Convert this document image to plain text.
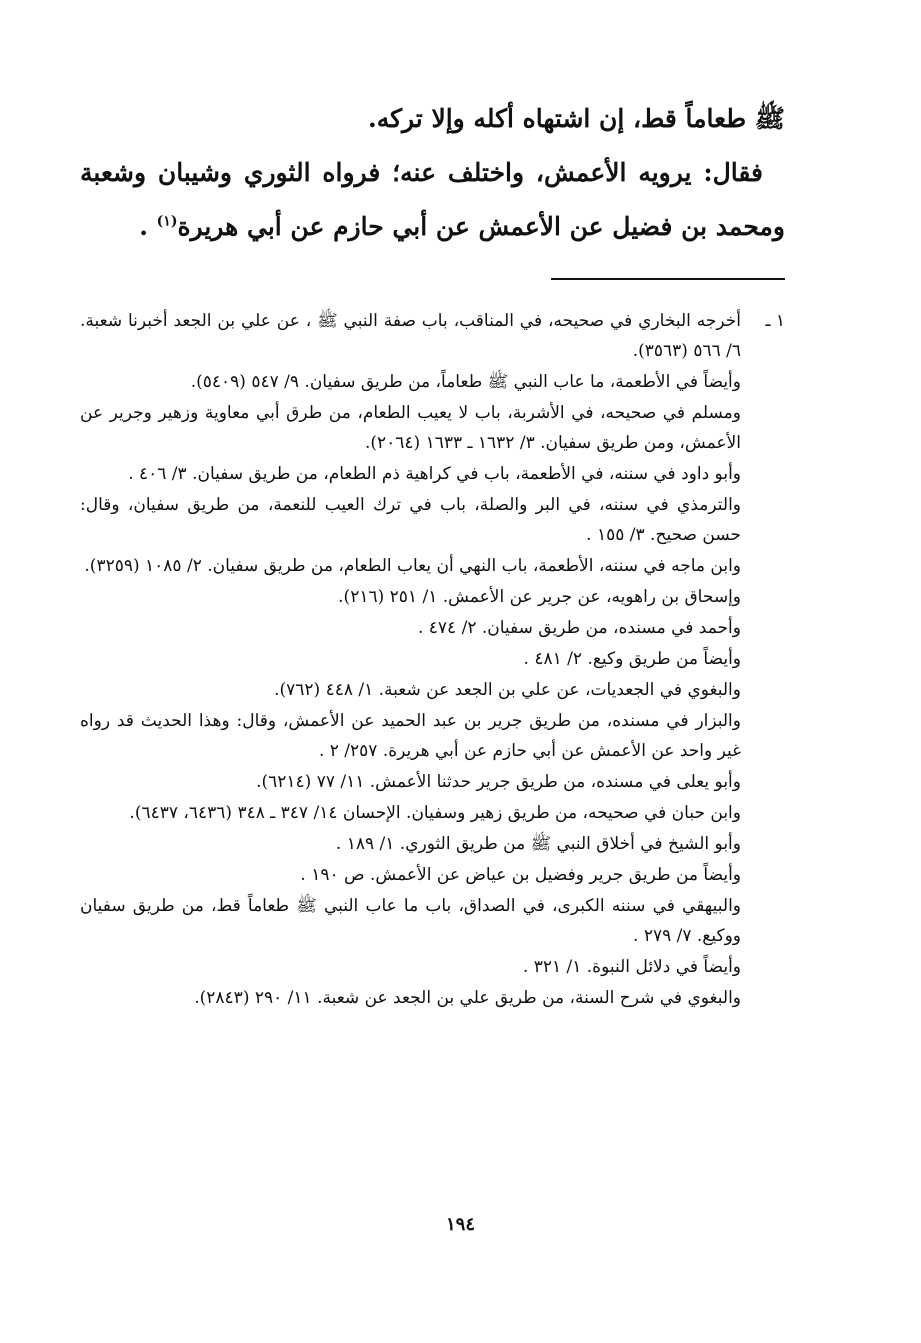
ﷺ طعاماً قط، إن اشتهاه أكله وإلا تركه.

فقال: يرويه الأعمش، واختلف عنه؛ فرواه الثوري وشيبان وشعبة ومحمد بن فضيل عن الأعمش عن أبي حازم عن أبي هريرة$^{(١)}$ .

١ ـ

أخرجه البخاري في صحيحه، في المناقب، باب صفة النبي ﷺ ، عن علي بن الجعد أخبرنا شعبة. ٦/ ٥٦٦ (٣٥٦٣).

وأيضاً في الأطعمة، ما عاب النبي ﷺ طعاماً، من طريق سفيان. ٩/ ٥٤٧ (٥٤٠٩).

ومسلم في صحيحه، في الأشربة، باب لا يعيب الطعام، من طرق أبي معاوية وزهير وجرير عن الأعمش، ومن طريق سفيان. ٣/ ١٦٣٢ ـ ١٦٣٣ (٢٠٦٤).

وأبو داود في سننه، في الأطعمة، باب في كراهية ذم الطعام، من طريق سفيان. ٣/ ٤٠٦ .

والترمذي في سننه، في البر والصلة، باب في ترك العيب للنعمة، من طريق سفيان، وقال: حسن صحيح. ٣/ ١٥٥ .

وابن ماجه في سننه، الأطعمة، باب النهي أن يعاب الطعام، من طريق سفيان. ٢/ ١٠٨٥ (٣٢٥٩).

وإسحاق بن راهويه، عن جرير عن الأعمش. ١/ ٢٥١ (٢١٦).

وأحمد في مسنده، من طريق سفيان. ٢/ ٤٧٤ .

وأيضاً من طريق وكيع. ٢/ ٤٨١ .

والبغوي في الجعديات، عن علي بن الجعد عن شعبة. ١/ ٤٤٨ (٧٦٢).

والبزار في مسنده، من طريق جرير بن عبد الحميد عن الأعمش، وقال: وهذا الحديث قد رواه غير واحد عن الأعمش عن أبي حازم عن أبي هريرة. ٢٥٧/ ٢ .

وأبو يعلى في مسنده، من طريق جرير حدثنا الأعمش. ١١/ ٧٧ (٦٢١٤).

وابن حبان في صحيحه، من طريق زهير وسفيان. الإحسان ١٤/ ٣٤٧ ـ ٣٤٨ (٦٤٣٦، ٦٤٣٧).

وأبو الشيخ في أخلاق النبي ﷺ من طريق الثوري. ١/ ١٨٩ .

وأيضاً من طريق جرير وفضيل بن عياض عن الأعمش. ص ١٩٠ .

والبيهقي في سننه الكبرى، في الصداق، باب ما عاب النبي ﷺ طعاماً قط، من طريق سفيان ووكيع. ٧/ ٢٧٩ .

وأيضاً في دلائل النبوة. ١/ ٣٢١ .

والبغوي في شرح السنة، من طريق علي بن الجعد عن شعبة. ١١/ ٢٩٠ (٢٨٤٣).

١٩٤
